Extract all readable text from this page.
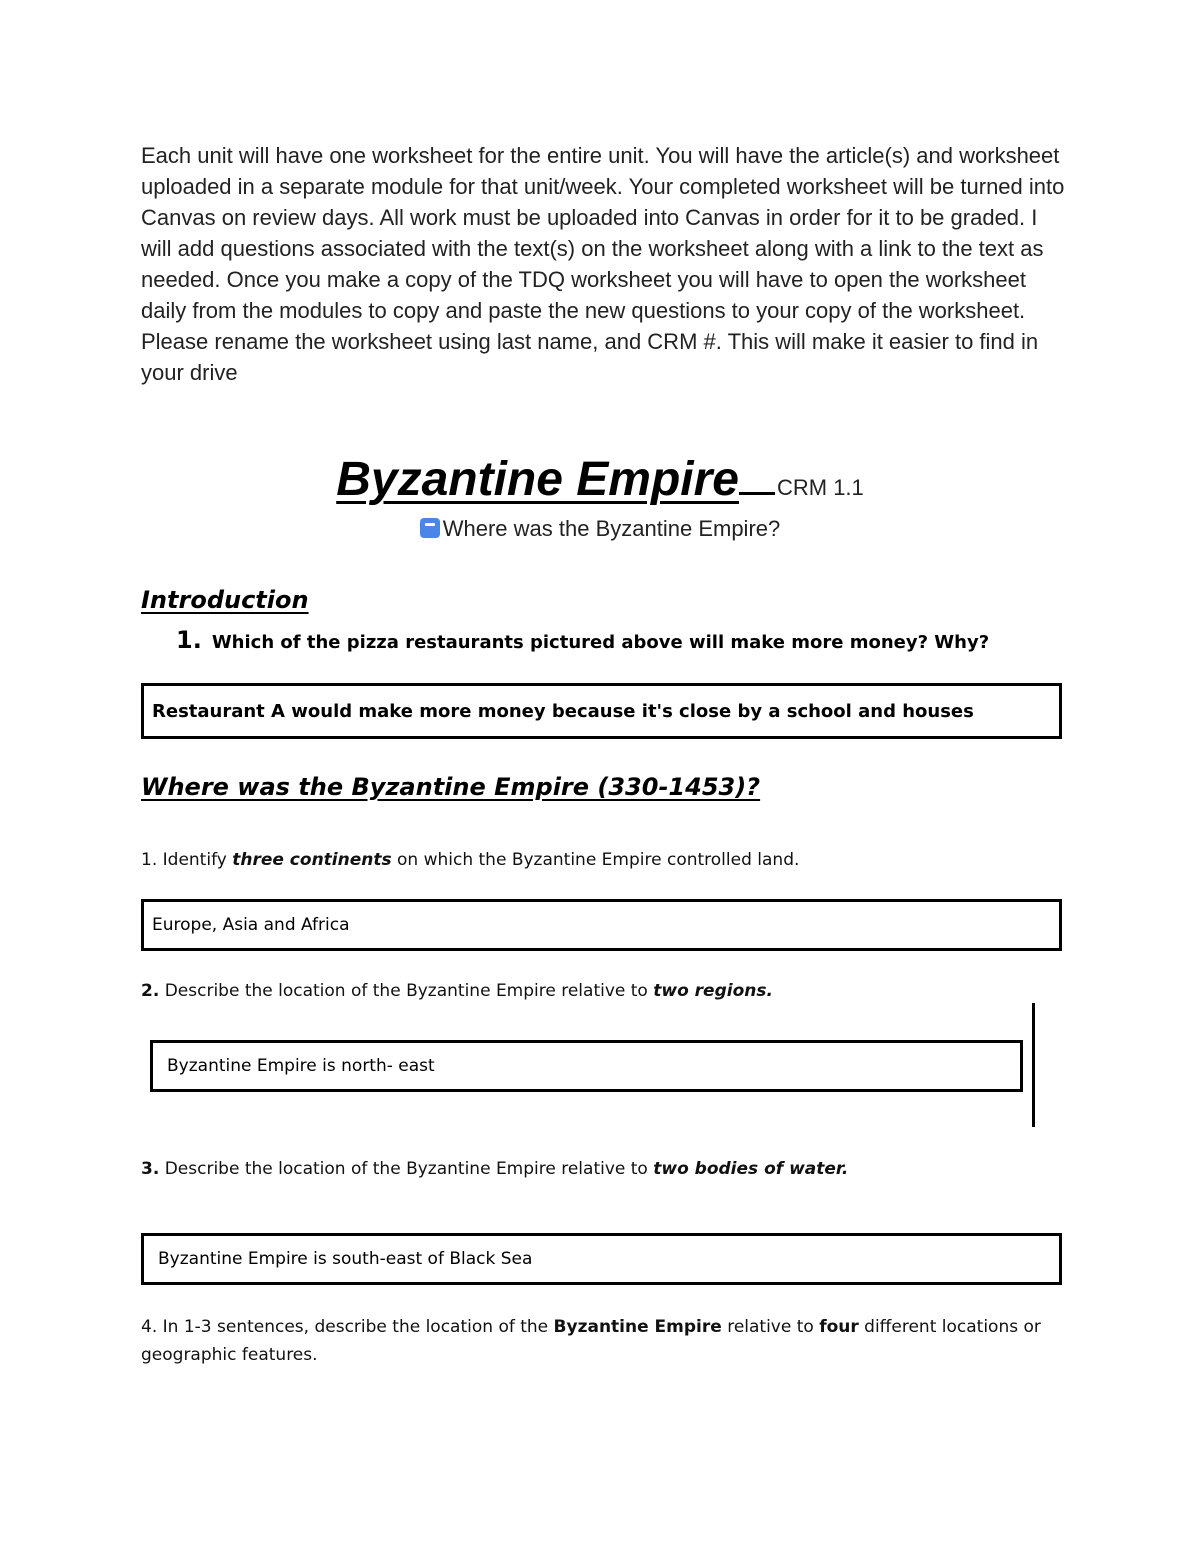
Each unit will have one worksheet for the entire unit. You will have the article(s) and worksheet uploaded in a separate module for that unit/week. Your completed worksheet will be turned into Canvas on review days. All work must be uploaded into Canvas in order for it to be graded. I will add questions associated with the text(s) on the worksheet along with a link to the text as needed. Once you make a copy of the TDQ worksheet you will have to open the worksheet daily from the modules to copy and paste the new questions to your copy of the worksheet. Please rename the worksheet using last name, and CRM #. This will make it easier to find in your drive
Byzantine Empire CRM 1.1
Where was the Byzantine Empire?
Introduction
1. Which of the pizza restaurants pictured above will make more money? Why?
Restaurant A would make more money because it's close by a school and houses
Where was the Byzantine Empire (330-1453)?
1. Identify three continents on which the Byzantine Empire controlled land.
Europe, Asia and Africa
2. Describe the location of the Byzantine Empire relative to two regions.
Byzantine Empire is north- east
3. Describe the location of the Byzantine Empire relative to two bodies of water.
Byzantine Empire is south-east of Black Sea
4. In 1-3 sentences, describe the location of the Byzantine Empire relative to four different locations or geographic features.
